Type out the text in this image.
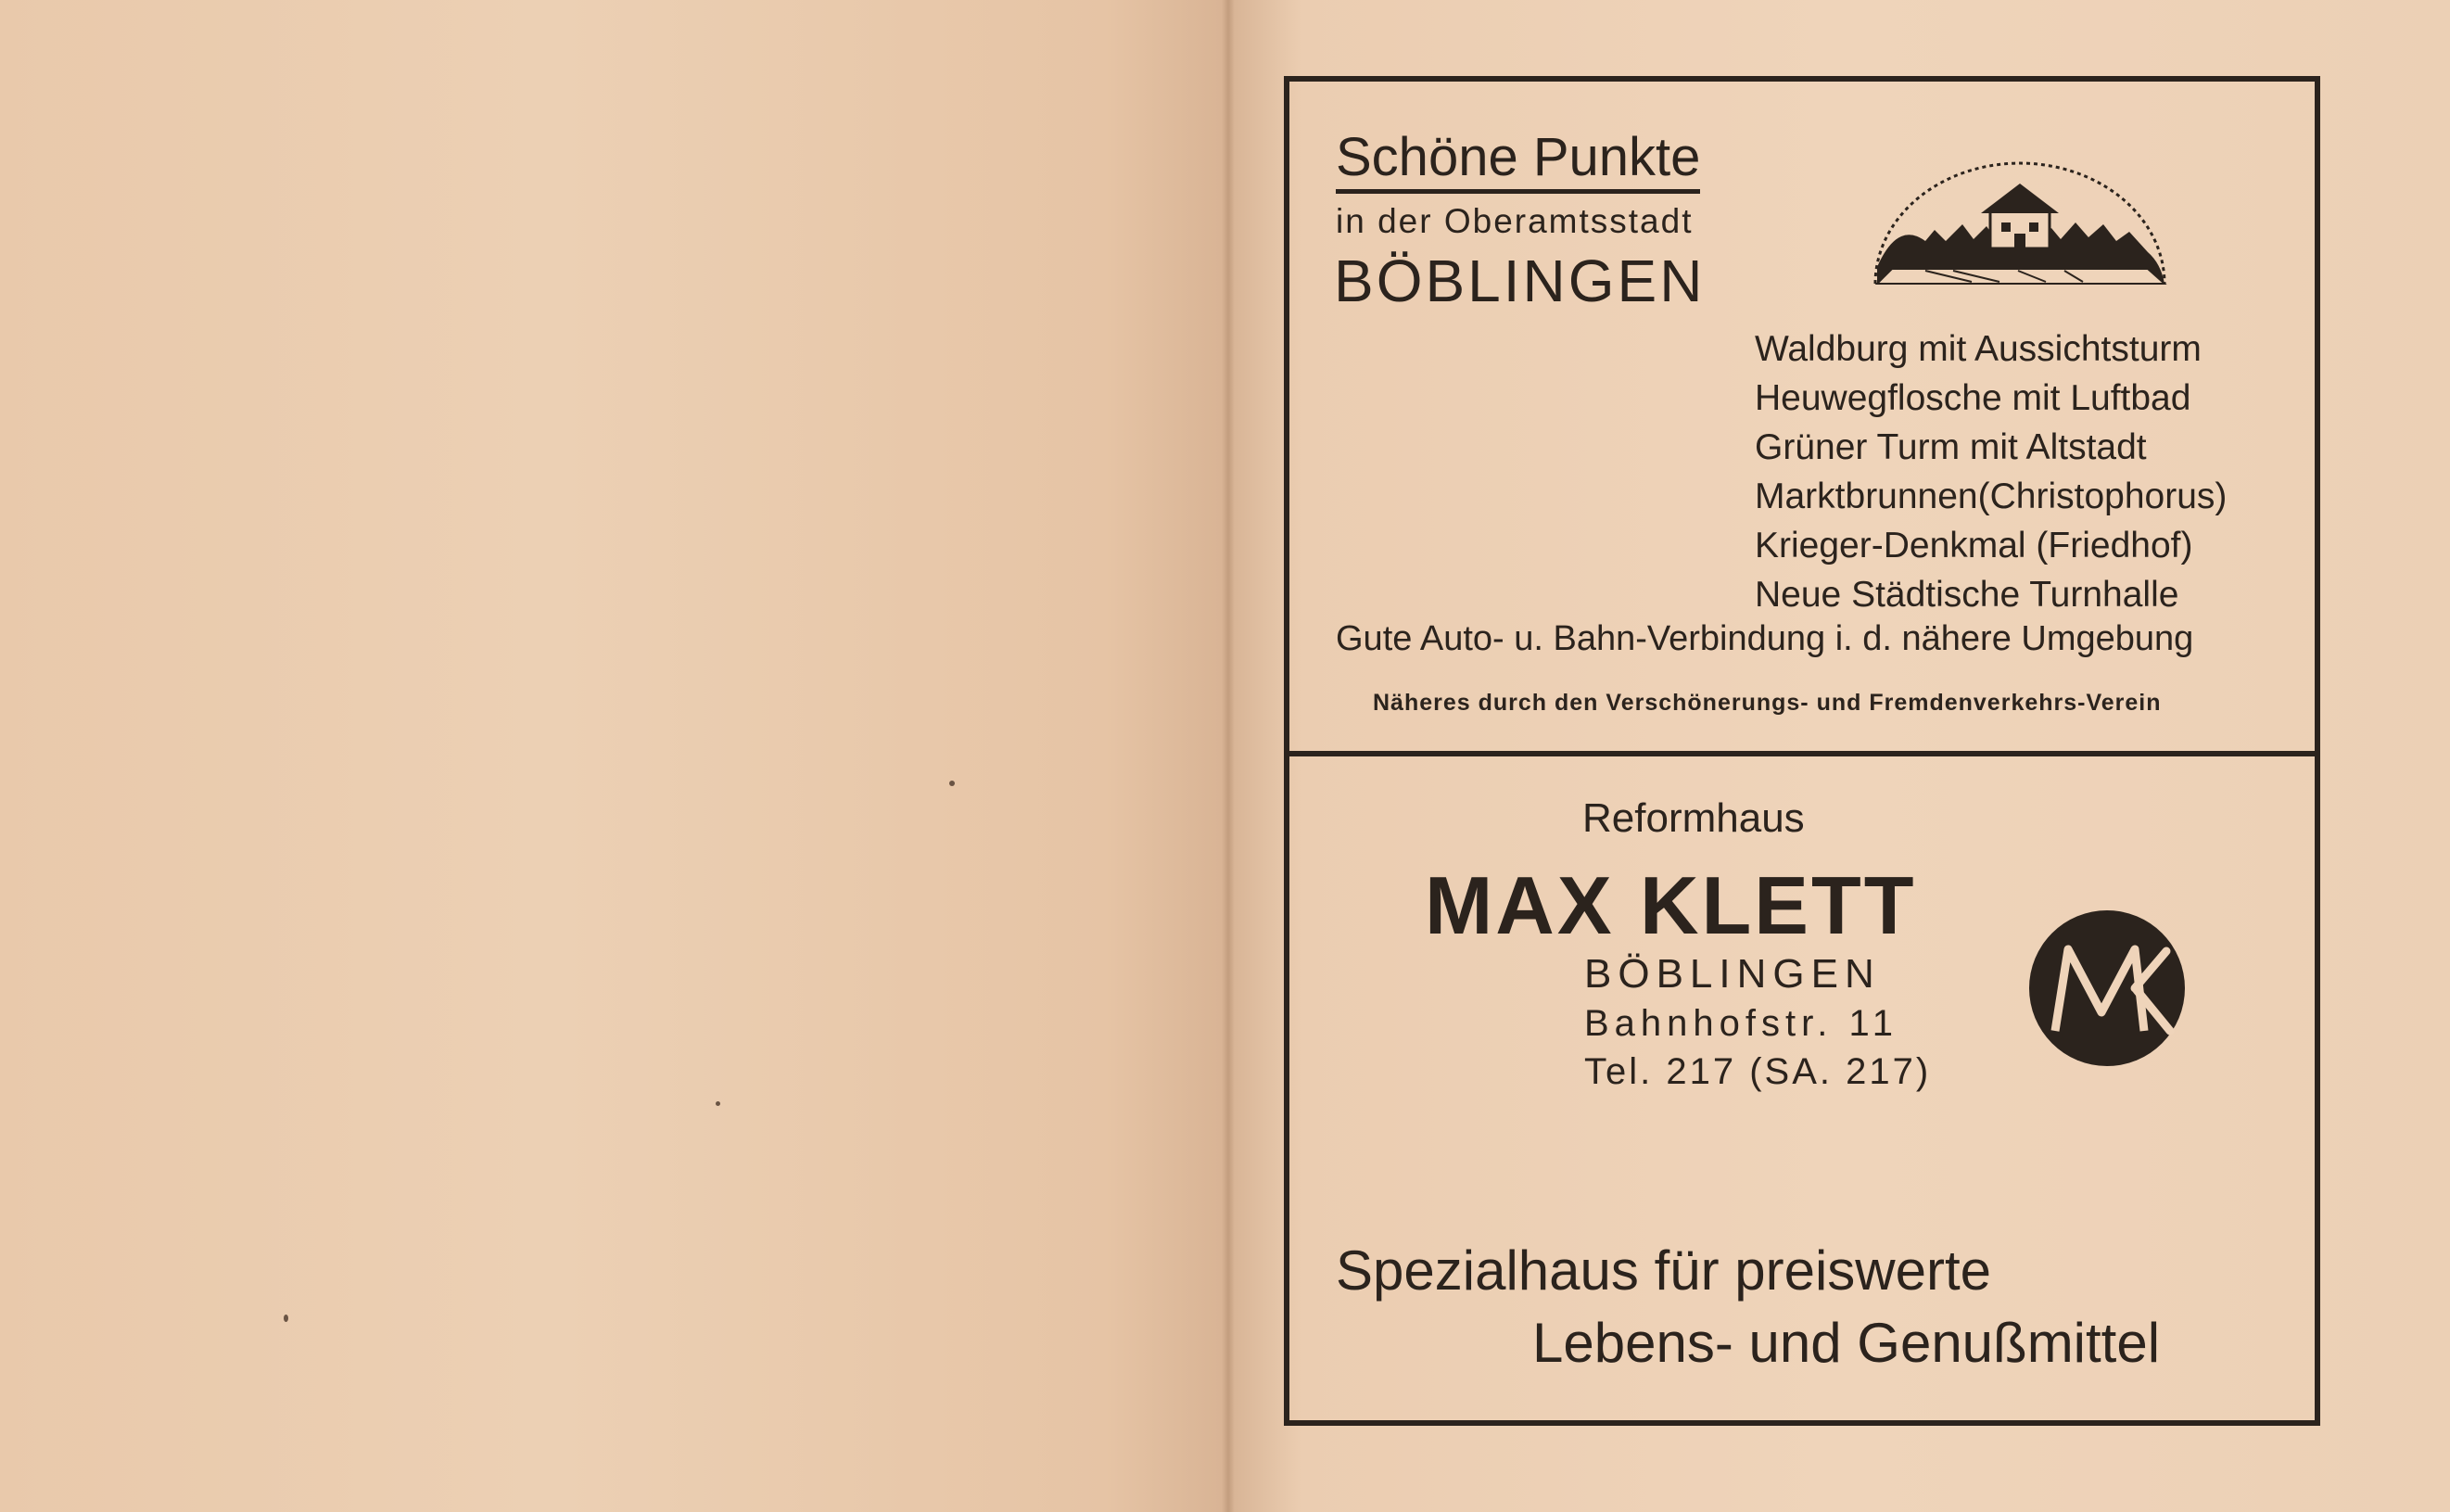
Schöne Punkte
in der Oberamtsstadt
BÖBLINGEN
Waldburg mit Aussichtsturm
Heuwegflosche mit Luftbad
Grüner Turm mit Altstadt
Marktbrunnen(Christophorus)
Krieger-Denkmal (Friedhof)
Neue Städtische Turnhalle
Gute Auto- u. Bahn-Verbindung i. d. nähere Umgebung
Näheres durch den Verschönerungs- und Fremdenverkehrs-Verein
Reformhaus
MAX KLETT
BÖBLINGEN
Bahnhofstr. 11
Tel. 217 (SA. 217)
Spezialhaus für preiswerte
Lebens- und Genußmittel
